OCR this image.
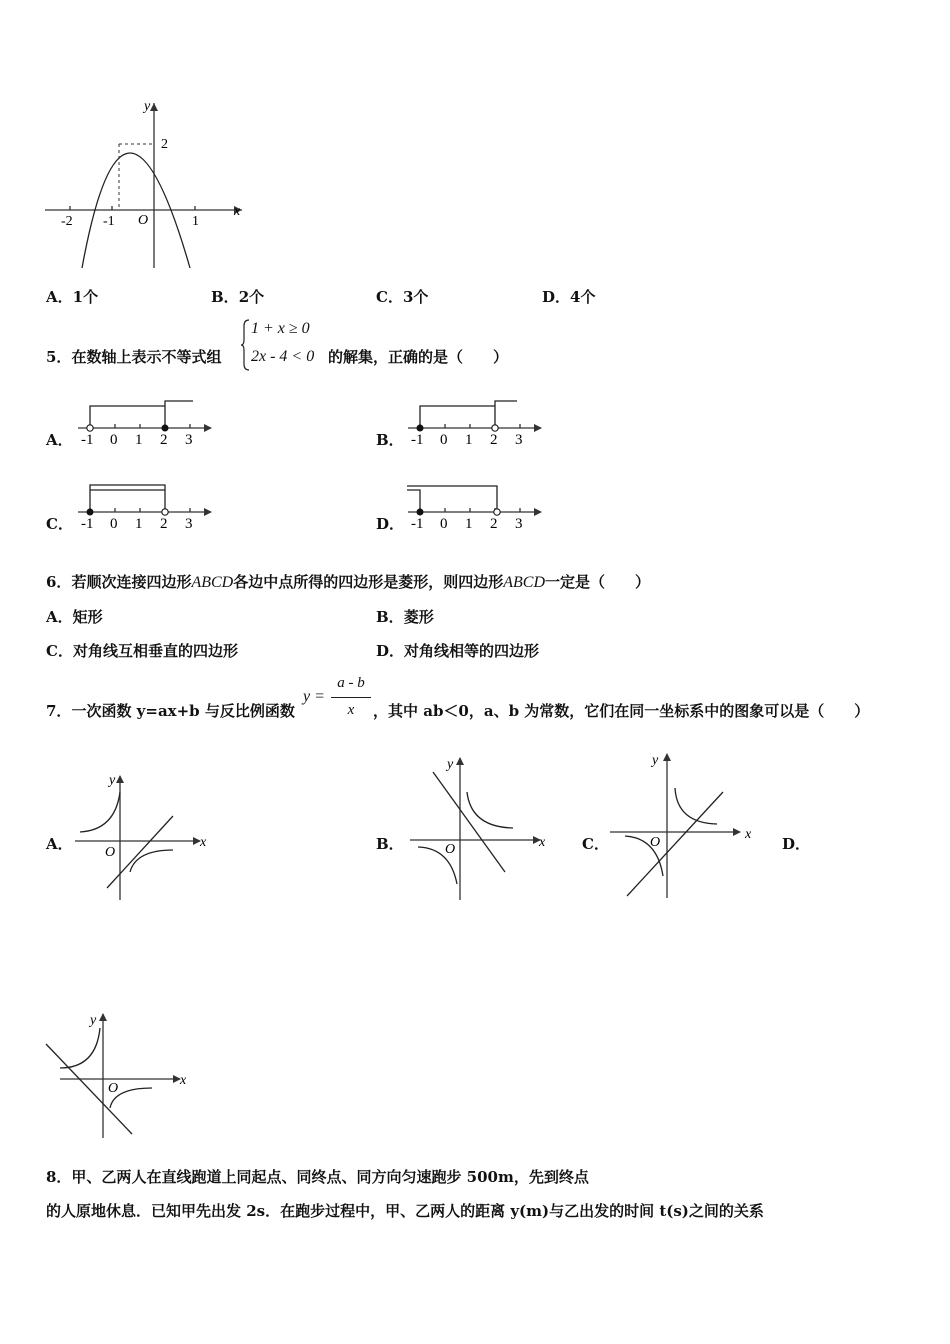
x
y
O
2
-2 -1	1
A．1个	B．2个	C．3个	D．4个
5．在数轴上表示不等式组
1 + x ≥ 0
2x - 4 < 0 的解集，正确的是（　　）
A．	B．
C．	D．
-1 0 1 2 3	-1 0 1 2 3
-1 0 1 2 3	-1 0 1 2 3
6．若顺次连接四边形ABCD各边中点所得的四边形是菱形，则四边形ABCD一定是（　　）
A．矩形	B．菱形
C．对角线互相垂直的四边形	D．对角线相等的四边形
7．一次函数 y=ax+b 与反比例函数
y =
a - b
x	，其中 ab＜0，a、b 为常数，它们在同一坐标系中的图象可以是（　　）
A．	B．	C．	D．
x
y
O
x
y
O
x
y
O
x
y
O
8．甲、乙两人在直线跑道上同起点、同终点、同方向匀速跑步 500m，先到终点
的人原地休息．已知甲先出发 2s．在跑步过程中，甲、乙两人的距离 y(m)与乙出发的时间 t(s)之间的关系
